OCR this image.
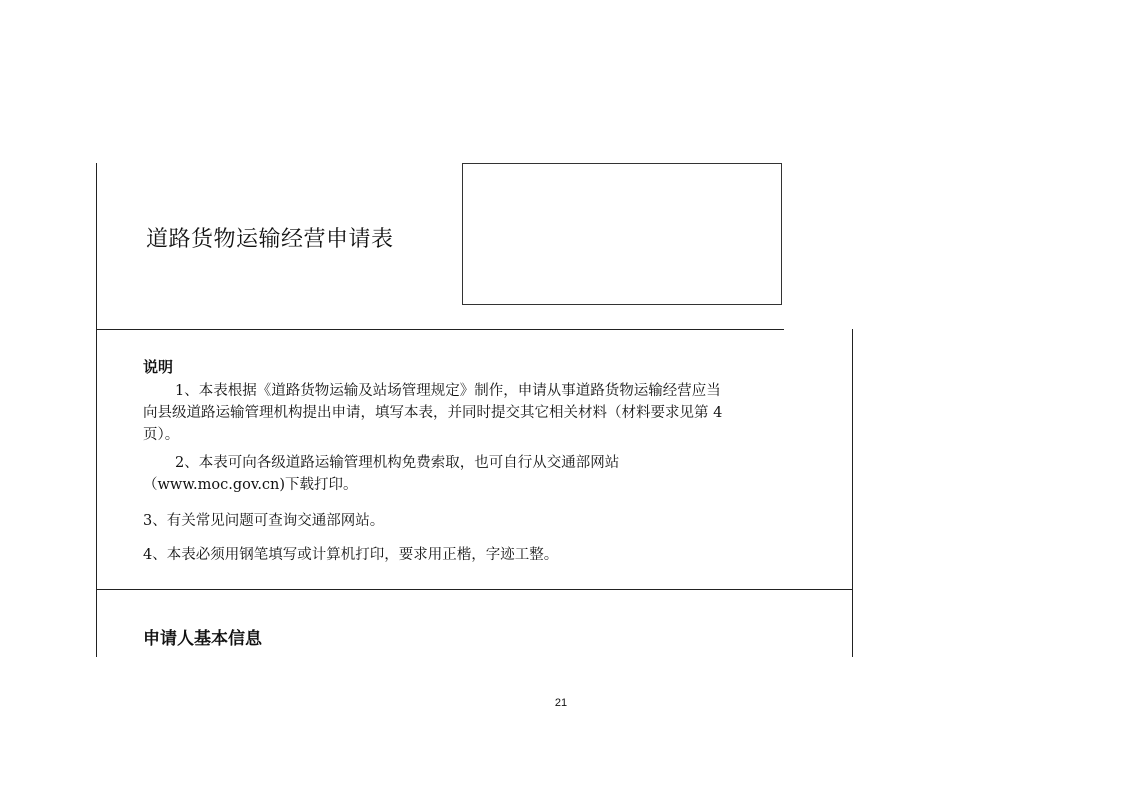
道路货物运输经营申请表
说明
1、本表根据《道路货物运输及站场管理规定》制作，申请从事道路货物运输经营应当
向县级道路运输管理机构提出申请，填写本表，并同时提交其它相关材料（材料要求见第 4
页）。
2、本表可向各级道路运输管理机构免费索取，也可自行从交通部网站
（www.moc.gov.cn)下载打印。
3、有关常见问题可查询交通部网站。
4、本表必须用钢笔填写或计算机打印，要求用正楷，字迹工整。
申请人基本信息
21
